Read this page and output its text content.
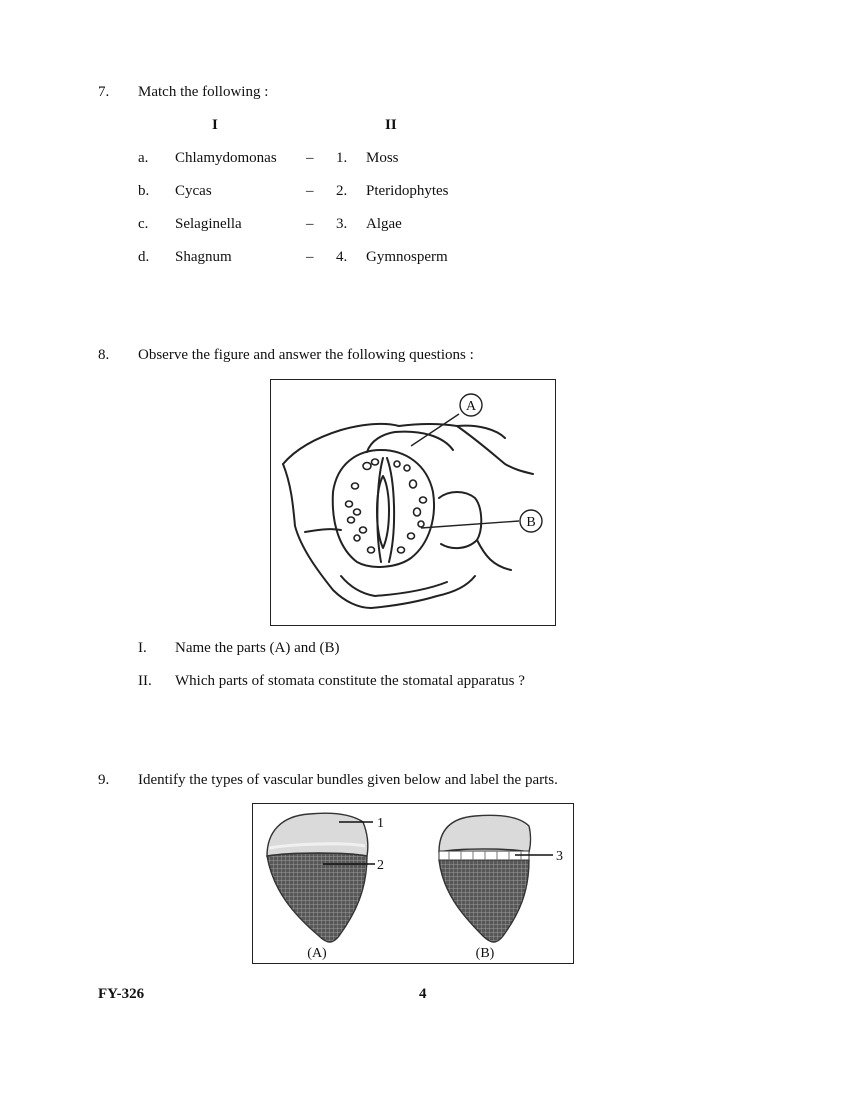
7. Match the following :
I	II
a. Chlamydomonas – 1. Moss
b. Cycas	– 2. Pteridophytes
c. Selaginella	– 3. Algae
d. Shagnum	– 4. Gymnosperm
8. Observe the figure and answer the following questions :
A
B
I. Name the parts (A) and (B)
II. Which parts of stomata constitute the stomatal apparatus ?
9. Identify the types of vascular bundles given below and label the parts.
1
2
3
(A)	(B)
FY-326	4
